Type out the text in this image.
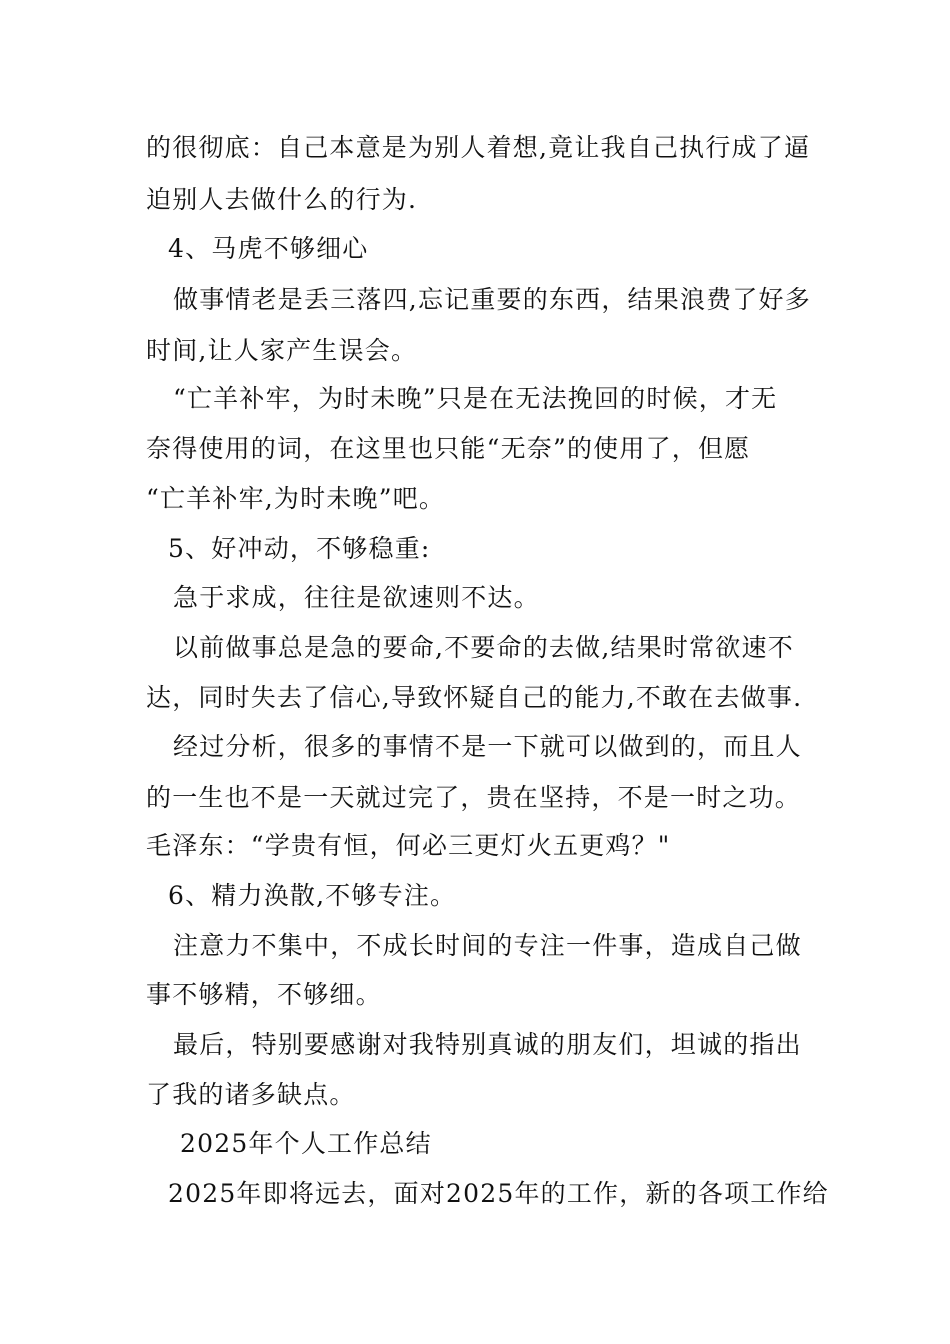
的很彻底：自己本意是为别人着想,竟让我自己执行成了逼

迫别人去做什么的行为.

4、马虎不够细心

做事情老是丢三落四,忘记重要的东西，结果浪费了好多

时间,让人家产生误会。

“亡羊补牢，为时未晚”只是在无法挽回的时候，才无

奈得使用的词，在这里也只能“无奈”的使用了，但愿

“亡羊补牢,为时未晚”吧。

5、好冲动，不够稳重:

急于求成，往往是欲速则不达。

以前做事总是急的要命,不要命的去做,结果时常欲速不

达，同时失去了信心,导致怀疑自己的能力,不敢在去做事.

经过分析，很多的事情不是一下就可以做到的，而且人

的一生也不是一天就过完了，贵在坚持，不是一时之功。

毛泽东：“学贵有恒，何必三更灯火五更鸡？"

6、精力涣散,不够专注。

注意力不集中，不成长时间的专注一件事，造成自己做

事不够精，不够细。

最后，特别要感谢对我特别真诚的朋友们，坦诚的指出

了我的诸多缺点。

2025年个人工作总结

2025年即将远去，面对2025年的工作，新的各项工作给
